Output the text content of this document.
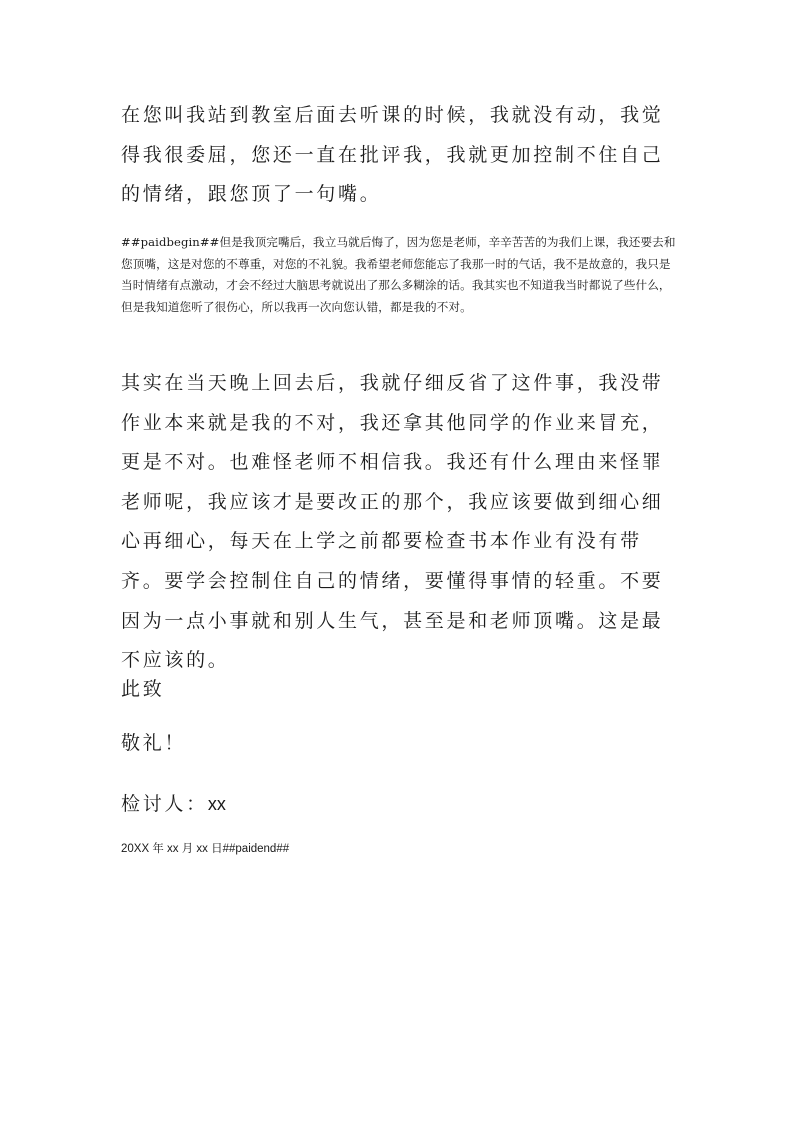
在您叫我站到教室后面去听课的时候，我就没有动，我觉得我很委屈，您还一直在批评我，我就更加控制不住自己的情绪，跟您顶了一句嘴。

##paidbegin##但是我顶完嘴后，我立马就后悔了，因为您是老师，辛辛苦苦的为我们上课，我还要去和您顶嘴，这是对您的不尊重，对您的不礼貌。我希望老师您能忘了我那一时的气话，我不是故意的，我只是当时情绪有点激动，才会不经过大脑思考就说出了那么多糊涂的话。我其实也不知道我当时都说了些什么，但是我知道您听了很伤心，所以我再一次向您认错，都是我的不对。

其实在当天晚上回去后，我就仔细反省了这件事，我没带作业本来就是我的不对，我还拿其他同学的作业来冒充，更是不对。也难怪老师不相信我。我还有什么理由来怪罪老师呢，我应该才是要改正的那个，我应该要做到细心细心再细心，每天在上学之前都要检查书本作业有没有带齐。要学会控制住自己的情绪，要懂得事情的轻重。不要因为一点小事就和别人生气，甚至是和老师顶嘴。这是最不应该的。

此致

敬礼！

检讨人：xx

20XX 年 xx 月 xx 日##paidend##
